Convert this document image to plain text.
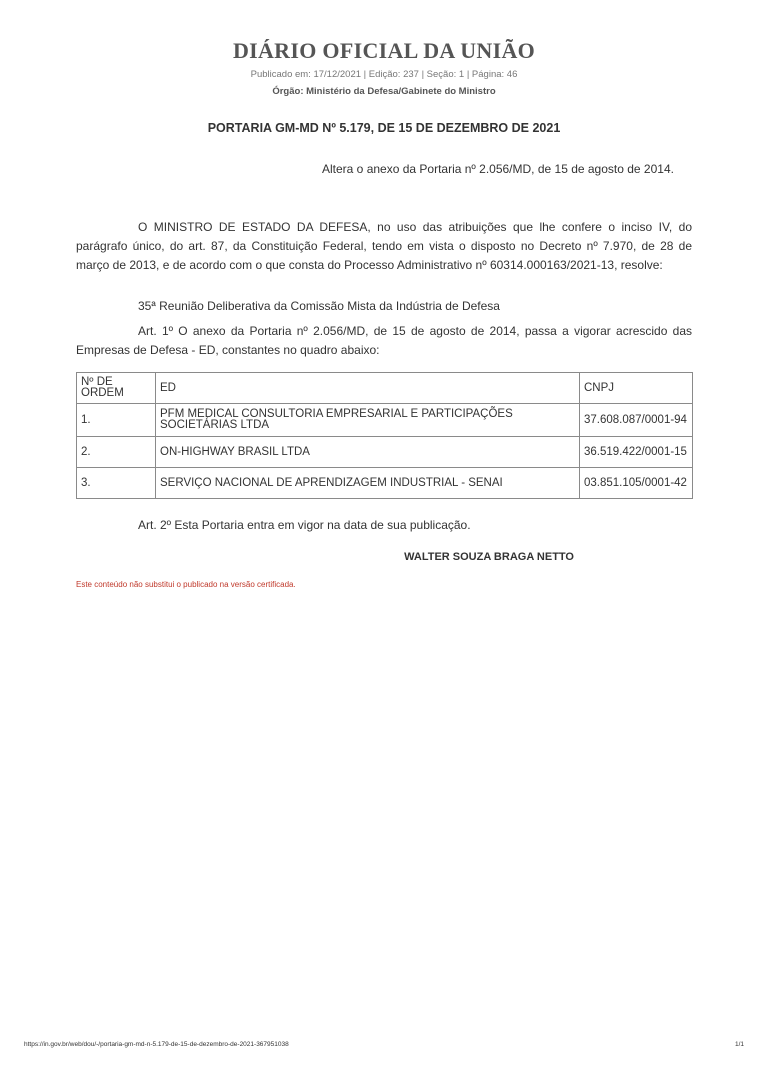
DIÁRIO OFICIAL DA UNIÃO
Publicado em: 17/12/2021 | Edição: 237 | Seção: 1 | Página: 46
Órgão: Ministério da Defesa/Gabinete do Ministro
PORTARIA GM-MD Nº 5.179, DE 15 DE DEZEMBRO DE 2021
Altera o anexo da Portaria nº 2.056/MD, de 15 de agosto de 2014.
O MINISTRO DE ESTADO DA DEFESA, no uso das atribuições que lhe confere o inciso IV, do parágrafo único, do art. 87, da Constituição Federal, tendo em vista o disposto no Decreto nº 7.970, de 28 de março de 2013, e de acordo com o que consta do Processo Administrativo nº 60314.000163/2021-13, resolve:
35ª Reunião Deliberativa da Comissão Mista da Indústria de Defesa
Art. 1º O anexo da Portaria nº 2.056/MD, de 15 de agosto de 2014, passa a vigorar acrescido das Empresas de Defesa - ED, constantes no quadro abaixo:
Nº DE ORDEM	ED	CNPJ
1.	PFM MEDICAL CONSULTORIA EMPRESARIAL E PARTICIPAÇÕES SOCIETÁRIAS LTDA	37.608.087/0001-94
2.	ON-HIGHWAY BRASIL LTDA	36.519.422/0001-15
3.	SERVIÇO NACIONAL DE APRENDIZAGEM INDUSTRIAL - SENAI	03.851.105/0001-42
Art. 2º Esta Portaria entra em vigor na data de sua publicação.
WALTER SOUZA BRAGA NETTO
Este conteúdo não substitui o publicado na versão certificada.
https://in.gov.br/web/dou/-/portaria-gm-md-n-5.179-de-15-de-dezembro-de-2021-367951038	1/1
